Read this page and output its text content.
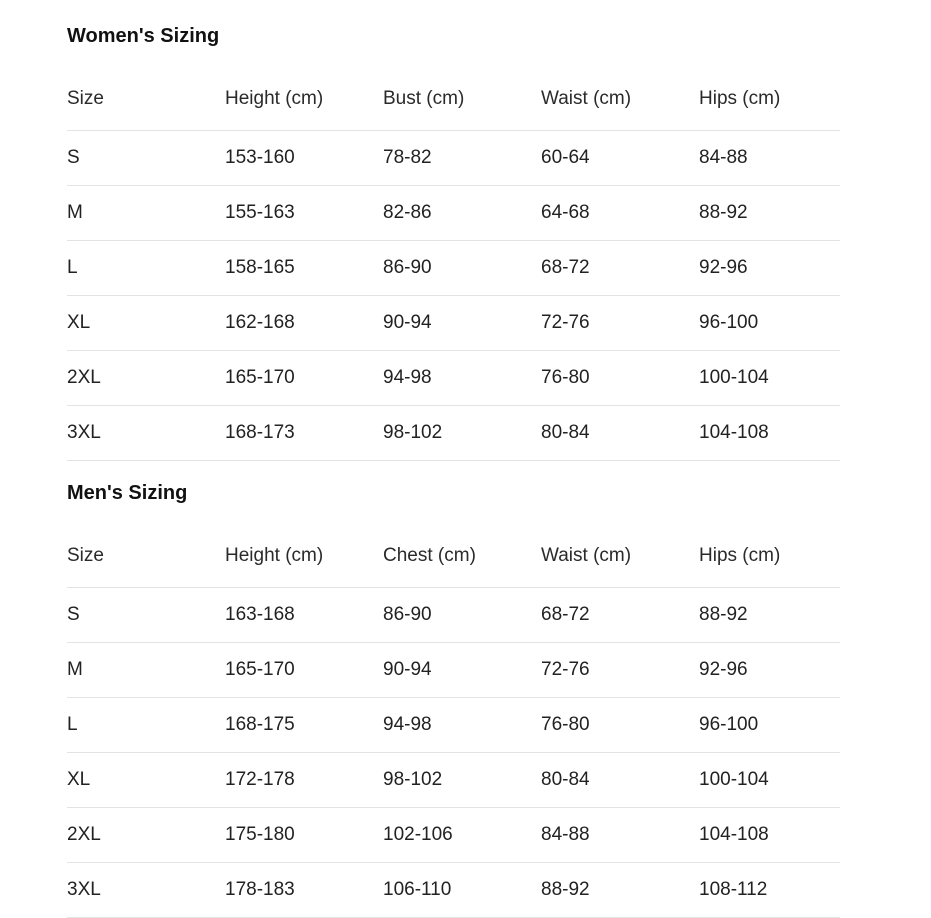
Women's Sizing
Size	Height (cm)	Bust (cm)	Waist (cm)	Hips (cm)
S	153-160	78-82	60-64	84-88
M	155-163	82-86	64-68	88-92
L	158-165	86-90	68-72	92-96
XL	162-168	90-94	72-76	96-100
2XL	165-170	94-98	76-80	100-104
3XL	168-173	98-102	80-84	104-108
Men's Sizing
Size	Height (cm)	Chest (cm)	Waist (cm)	Hips (cm)
S	163-168	86-90	68-72	88-92
M	165-170	90-94	72-76	92-96
L	168-175	94-98	76-80	96-100
XL	172-178	98-102	80-84	100-104
2XL	175-180	102-106	84-88	104-108
3XL	178-183	106-110	88-92	108-112
